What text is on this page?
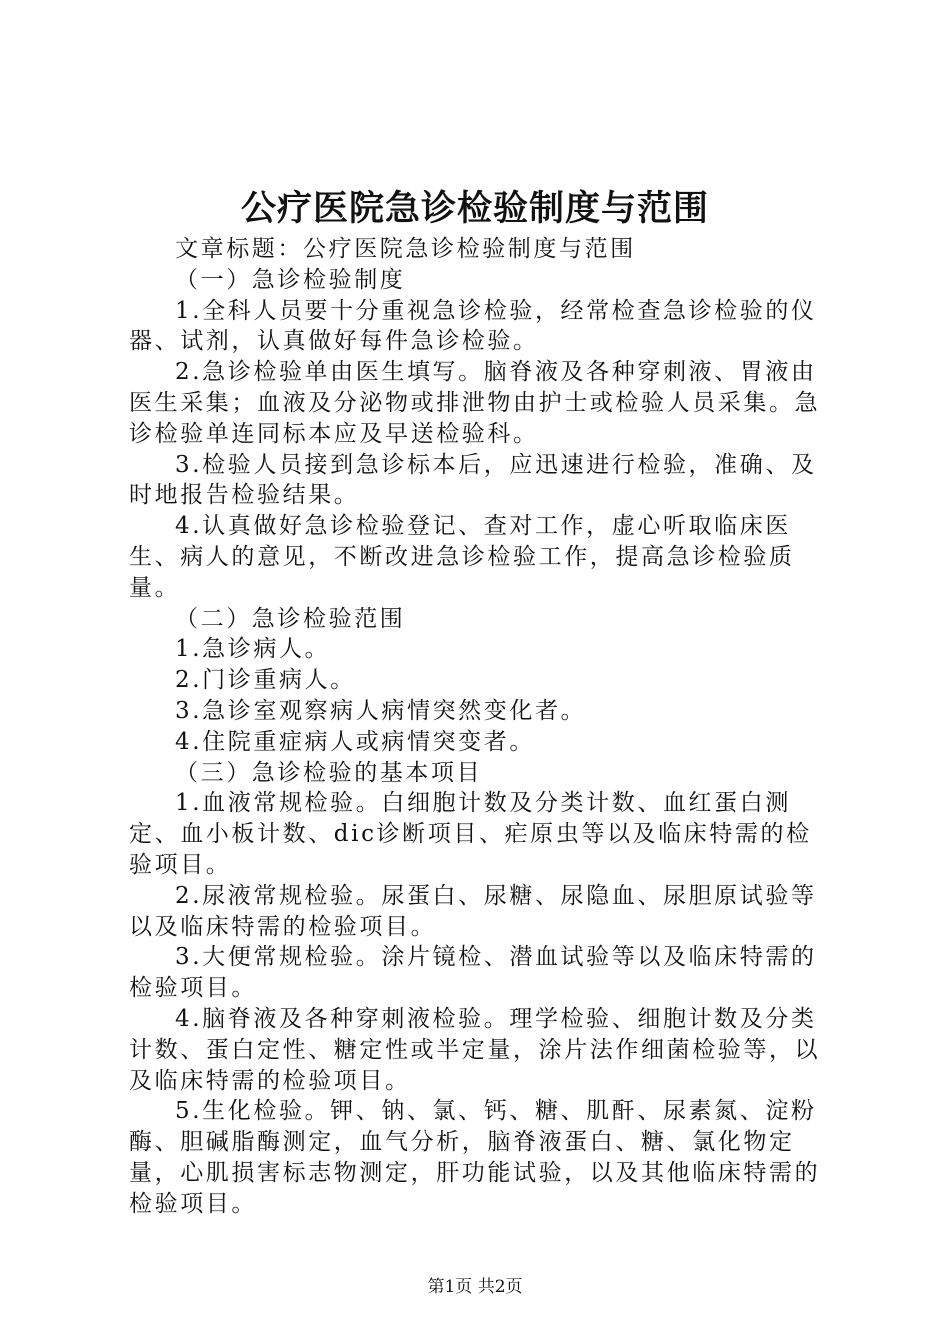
公疗医院急诊检验制度与范围

文章标题：公疗医院急诊检验制度与范围

（一）急诊检验制度

1.全科人员要十分重视急诊检验，经常检查急诊检验的仪器、试剂，认真做好每件急诊检验。

2.急诊检验单由医生填写。脑脊液及各种穿刺液、胃液由医生采集；血液及分泌物或排泄物由护士或检验人员采集。急诊检验单连同标本应及早送检验科。

3.检验人员接到急诊标本后，应迅速进行检验，准确、及时地报告检验结果。

4.认真做好急诊检验登记、查对工作，虚心听取临床医生、病人的意见，不断改进急诊检验工作，提高急诊检验质量。

（二）急诊检验范围

1.急诊病人。

2.门诊重病人。

3.急诊室观察病人病情突然变化者。

4.住院重症病人或病情突变者。

（三）急诊检验的基本项目

1.血液常规检验。白细胞计数及分类计数、血红蛋白测定、血小板计数、dic诊断项目、疟原虫等以及临床特需的检验项目。

2.尿液常规检验。尿蛋白、尿糖、尿隐血、尿胆原试验等以及临床特需的检验项目。

3.大便常规检验。涂片镜检、潜血试验等以及临床特需的检验项目。

4.脑脊液及各种穿刺液检验。理学检验、细胞计数及分类计数、蛋白定性、糖定性或半定量，涂片法作细菌检验等，以及临床特需的检验项目。

5.生化检验。钾、钠、氯、钙、糖、肌酐、尿素氮、淀粉酶、胆碱脂酶测定，血气分析，脑脊液蛋白、糖、氯化物定量，心肌损害标志物测定，肝功能试验，以及其他临床特需的检验项目。

第1页 共2页
